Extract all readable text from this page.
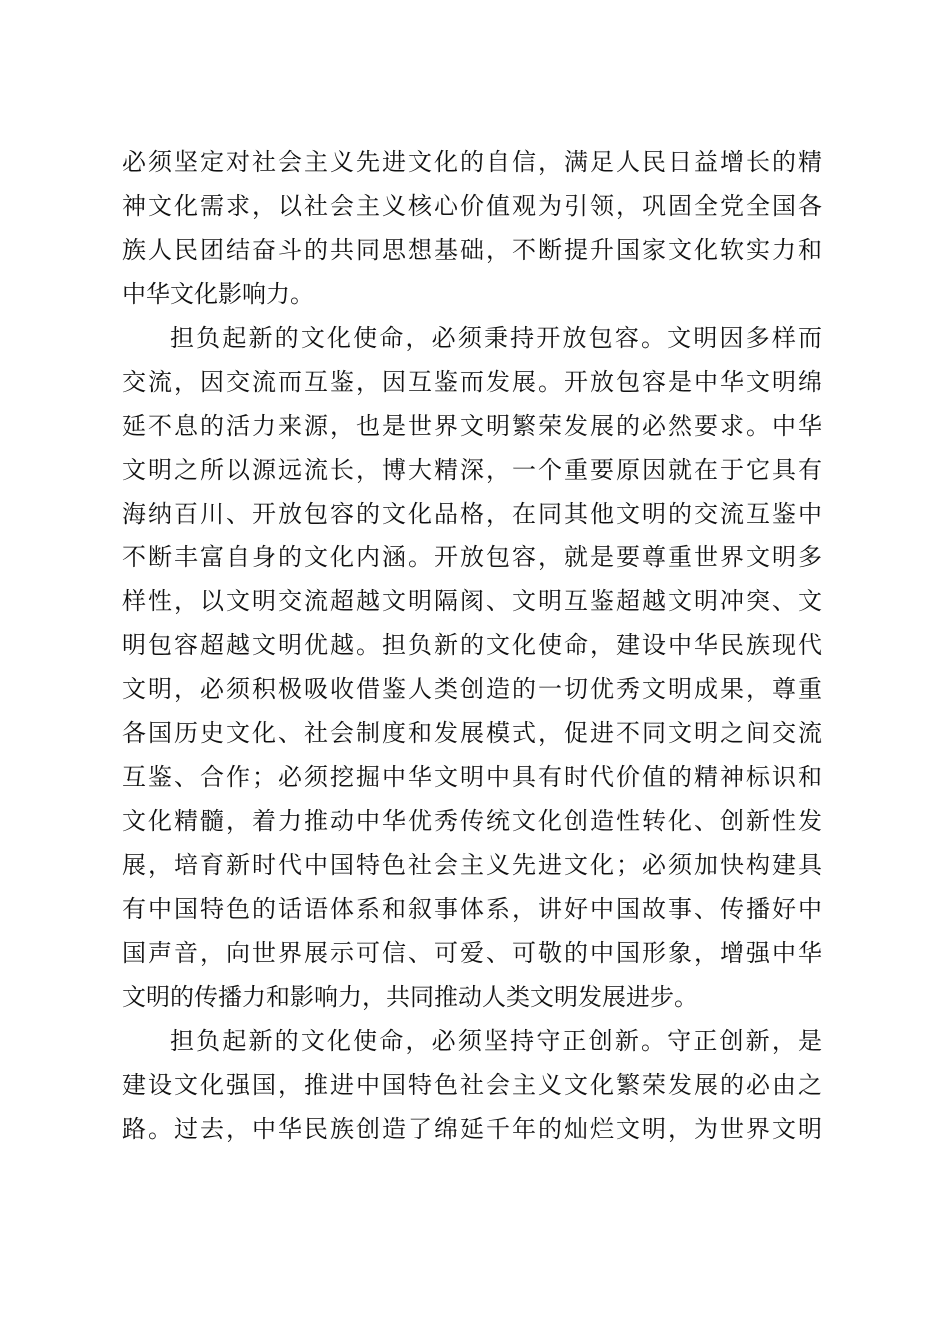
必须坚定对社会主义先进文化的自信，满足人民日益增长的精
神文化需求，以社会主义核心价值观为引领，巩固全党全国各
族人民团结奋斗的共同思想基础，不断提升国家文化软实力和
中华文化影响力。
担负起新的文化使命，必须秉持开放包容。文明因多样而
交流，因交流而互鉴，因互鉴而发展。开放包容是中华文明绵
延不息的活力来源，也是世界文明繁荣发展的必然要求。中华
文明之所以源远流长，博大精深，一个重要原因就在于它具有
海纳百川、开放包容的文化品格，在同其他文明的交流互鉴中
不断丰富自身的文化内涵。开放包容，就是要尊重世界文明多
样性，以文明交流超越文明隔阂、文明互鉴超越文明冲突、文
明包容超越文明优越。担负新的文化使命，建设中华民族现代
文明，必须积极吸收借鉴人类创造的一切优秀文明成果，尊重
各国历史文化、社会制度和发展模式，促进不同文明之间交流
互鉴、合作；必须挖掘中华文明中具有时代价值的精神标识和
文化精髓，着力推动中华优秀传统文化创造性转化、创新性发
展，培育新时代中国特色社会主义先进文化；必须加快构建具
有中国特色的话语体系和叙事体系，讲好中国故事、传播好中
国声音，向世界展示可信、可爱、可敬的中国形象，增强中华
文明的传播力和影响力，共同推动人类文明发展进步。
担负起新的文化使命，必须坚持守正创新。守正创新，是
建设文化强国，推进中国特色社会主义文化繁荣发展的必由之
路。过去，中华民族创造了绵延千年的灿烂文明，为世界文明
